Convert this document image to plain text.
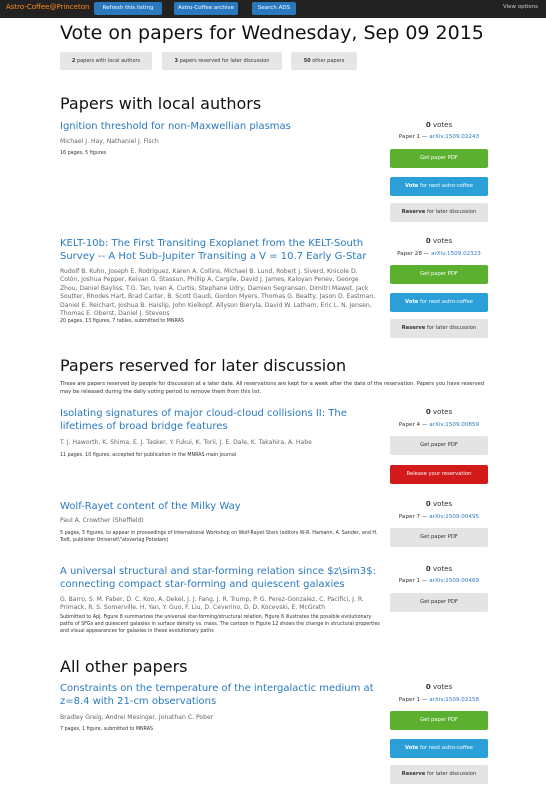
Astro-Coffee@Princeton	Refresh this listing	Astro-Coffee archive	Search ADS	View options
Vote on papers for Wednesday, Sep 09 2015
2 papers with local authors	3 papers reserved for later discussion	50 other papers
Papers with local authors
Ignition threshold for non-Maxwellian plasmas
Michael J. Hay, Nathaniel J. Fisch
16 pages, 5 figures
0 votes
Paper 1 — arXiv:1509.02243
Get paper PDF
Vote for next astro-coffee
Reserve for later discussion
KELT-10b: The First Transiting Exoplanet from the KELT-South Survey -- A Hot Sub-Jupiter Transiting a V = 10.7 Early G-Star
Rudolf B. Kuhn, Joseph E. Rodriguez, Karen A. Collins, Michael B. Lund, Robert J. Siverd, Knicole D. Colón, Joshua Pepper, Keivan G. Stassun, Phillip A. Cargile, David J. James, Kaloyan Penev, George Zhou, Daniel Bayliss, T.G. Tan, Ivan A. Curtis, Stephane Udry, Damien Segransan, Dimitri Mawet, Jack Soutter, Rhodes Hart, Brad Carter, B. Scott Gaudi, Gordon Myers, Thomas G. Beatty, Jason D. Eastman, Daniel E. Reichart, Joshua B. Haislip, John Kielkopf, Allyson Bieryla, David W. Latham, Eric L. N. Jensen, Thomas E. Oberst, Daniel J. Stevens
20 pages, 13 figures, 7 tables, submitted to MNRAS
0 votes
Paper 28 — arXiv:1509.02323
Get paper PDF
Vote for next astro-coffee
Reserve for later discussion
Papers reserved for later discussion
These are papers reserved by people for discussion at a later date. All reservations are kept for a week after the date of the reservation. Papers you have reserved may be released during the daily voting period to remove them from this list.
Isolating signatures of major cloud-cloud collisions II: The lifetimes of broad bridge features
T. J. Haworth, K. Shima, E. J. Tasker, Y. Fukui, K. Torii, J. E. Dale, K. Takahira, A. Habe
11 pages, 10 figures, accepted for publication in the MNRAS main journal
0 votes
Paper 4 — arXiv:1509.00859
Get paper PDF
Release your reservation
Wolf-Rayet content of the Milky Way
Paul A. Crowther (Sheffield)
5 pages, 5 figures, to appear in proceedings of International Workshop on Wolf-Rayet Stars (editors W-R. Hamann, A. Sander, and H. Todt, publisher Universit\"atsverlag Potsdam)
0 votes
Paper 7 — arXiv:1509.00495
Get paper PDF
A universal structural and star-forming relation since $z\sim3$: connecting compact star-forming and quiescent galaxies
G. Barro, S. M. Faber, D. C. Koo, A. Dekel, J. J. Fang, J. R. Trump, P. G. Perez-Gonzalez, C. Pacifici, J. R. Primack, R. S. Somerville, H. Yan, Y. Guo, F. Liu, D. Ceverino, D. D. Kocevski, E. McGrath
Submitted to ApJ. Figure 8 summarizes the universal star-forming/structural relation. Figure 6 illustrates the possible evolutionary paths of SFGs and quiescent galaxies in surface density vs. mass. The cartoon in Figure 12 shows the change in structural properties and visual appearances for galaxies in these evolutionary paths
0 votes
Paper 1 — arXiv:1509.00469
Get paper PDF
All other papers
Constraints on the temperature of the intergalactic medium at z=8.4 with 21-cm observations
Bradley Greig, Andrei Mesinger, Jonathan C. Pober
7 pages, 1 figure, submitted to MNRAS
0 votes
Paper 1 — arXiv:1509.02158
Get paper PDF
Vote for next astro-coffee
Reserve for later discussion
